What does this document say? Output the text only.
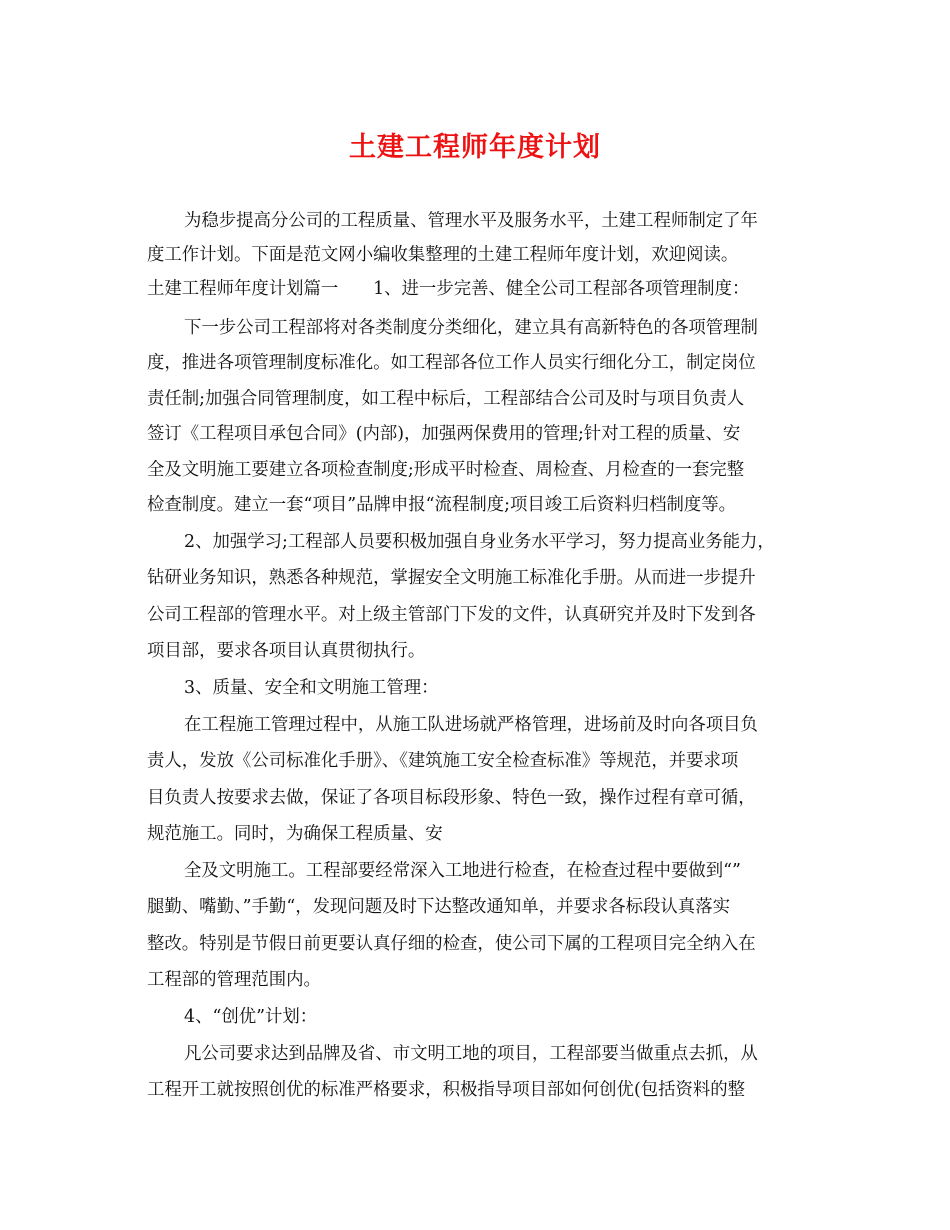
土建工程师年度计划
为稳步提高分公司的工程质量、管理水平及服务水平，土建工程师制定了年
度工作计划。下面是范文网小编收集整理的土建工程师年度计划，欢迎阅读。
土建工程师年度计划篇一　　1、进一步完善、健全公司工程部各项管理制度：
下一步公司工程部将对各类制度分类细化，建立具有高新特色的各项管理制
度，推进各项管理制度标准化。如工程部各位工作人员实行细化分工，制定岗位
责任制;加强合同管理制度，如工程中标后，工程部结合公司及时与项目负责人
签订《工程项目承包合同》(内部)，加强两保费用的管理;针对工程的质量、安
全及文明施工要建立各项检查制度;形成平时检查、周检查、月检查的一套完整
检查制度。建立一套“项目”品牌申报“流程制度;项目竣工后资料归档制度等。
2、加强学习;工程部人员要积极加强自身业务水平学习，努力提高业务能力，
钻研业务知识，熟悉各种规范，掌握安全文明施工标准化手册。从而进一步提升
公司工程部的管理水平。对上级主管部门下发的文件，认真研究并及时下发到各
项目部，要求各项目认真贯彻执行。
3、质量、安全和文明施工管理：
在工程施工管理过程中，从施工队进场就严格管理，进场前及时向各项目负
责人，发放《公司标准化手册》、《建筑施工安全检查标准》等规范，并要求项
目负责人按要求去做，保证了各项目标段形象、特色一致，操作过程有章可循，
规范施工。同时，为确保工程质量、安
全及文明施工。工程部要经常深入工地进行检查，在检查过程中要做到“”
腿勤、嘴勤、”手勤“，发现问题及时下达整改通知单，并要求各标段认真落实
整改。特别是节假日前更要认真仔细的检查，使公司下属的工程项目完全纳入在
工程部的管理范围内。
4、“创优”计划：
凡公司要求达到品牌及省、市文明工地的项目，工程部要当做重点去抓，从
工程开工就按照创优的标准严格要求，积极指导项目部如何创优(包括资料的整
